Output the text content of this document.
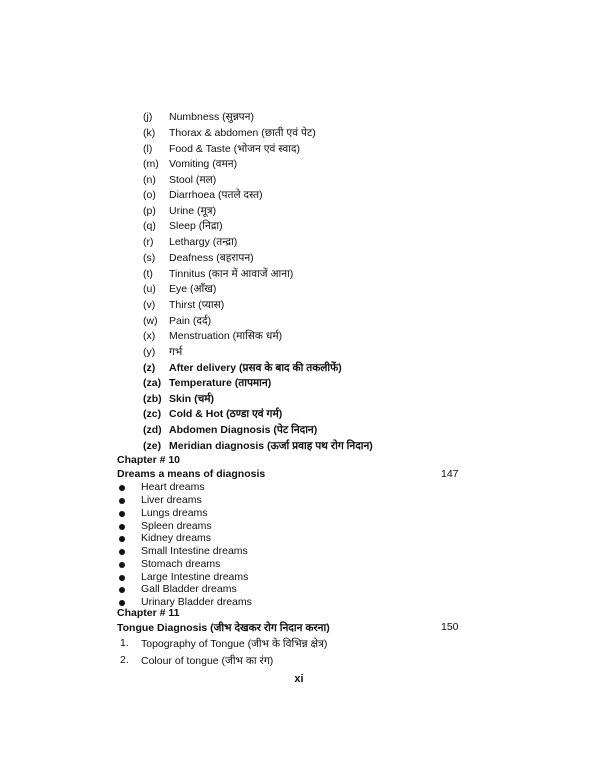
(j) Numbness (सुन्नपन)
(k) Thorax & abdomen (छाती एवं पेट)
(l) Food & Taste (भोजन एवं स्वाद)
(m) Vomiting (वमन)
(n) Stool (मल)
(o) Diarrhoea (पतले दस्त)
(p) Urine (मूत्र)
(q) Sleep (निद्रा)
(r) Lethargy (तन्द्रा)
(s) Deafness (बहरापन)
(t) Tinnitus (कान में आवाजें आना)
(u) Eye (आँख)
(v) Thirst (प्यास)
(w) Pain (दर्द)
(x) Menstruation (मासिक धर्म)
(y) गर्भ
(z) After delivery (प्रसव के बाद की तकलीफें)
(za) Temperature (तापमान)
(zb) Skin (चर्म)
(zc) Cold & Hot (ठण्डा एवं गर्म)
(zd) Abdomen Diagnosis (पेट निदान)
(ze) Meridian diagnosis (ऊर्जा प्रवाह पथ रोग निदान)
Chapter # 10
Dreams a means of diagnosis	147
Heart dreams
Liver dreams
Lungs dreams
Spleen dreams
Kidney dreams
Small Intestine dreams
Stomach dreams
Large Intestine dreams
Gall Bladder dreams
Urinary Bladder dreams
Chapter # 11
Tongue Diagnosis (जीभ देखकर रोग निदान करना)	150
1. Topography of Tongue (जीभ के विभिन्न क्षेत्र)
2. Colour of tongue (जीभ का रंग)
xi
